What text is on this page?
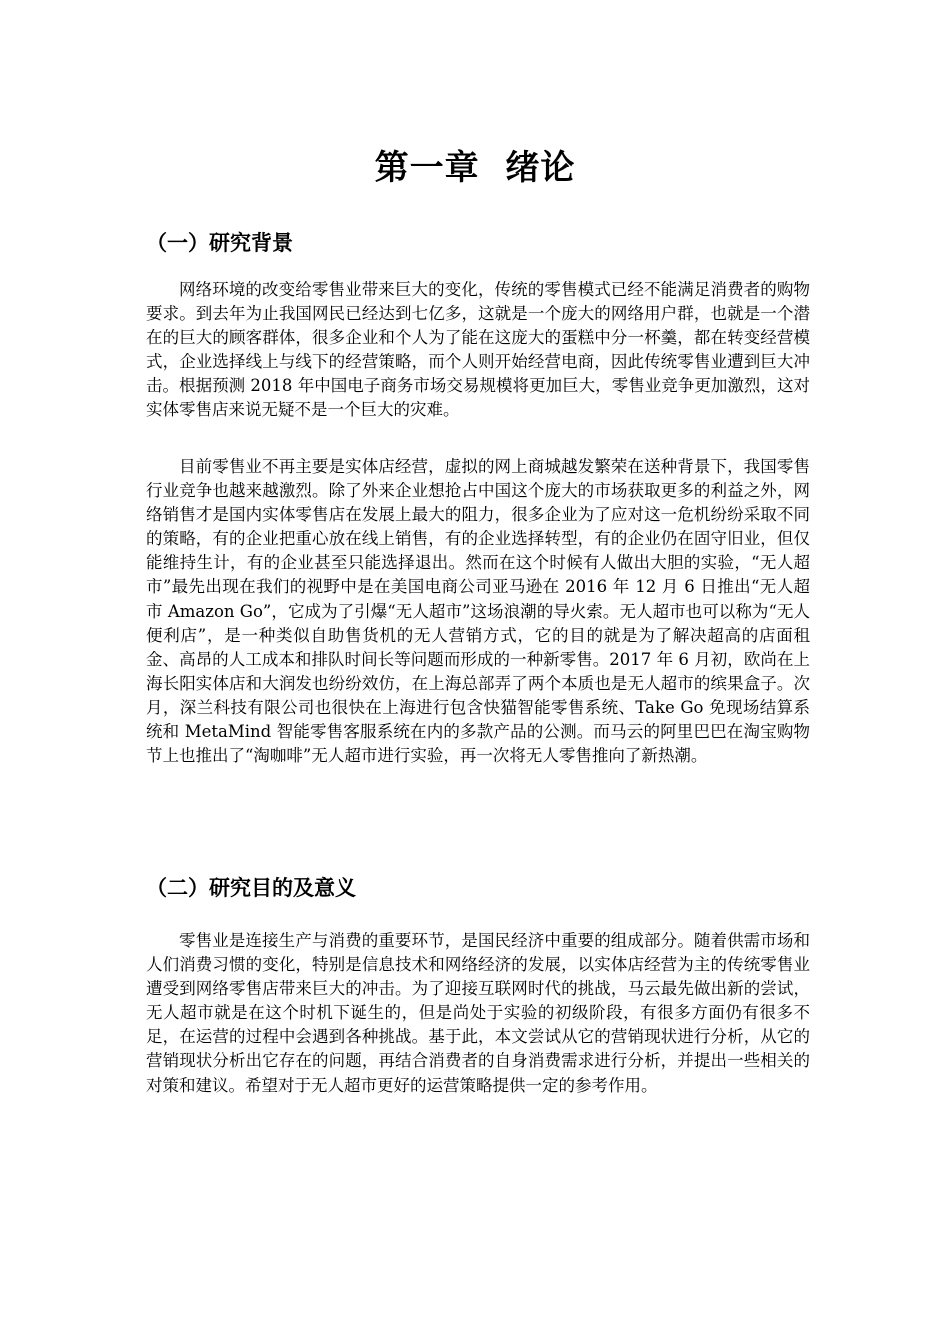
第一章  绪论
（一）研究背景

网络环境的改变给零售业带来巨大的变化，传统的零售模式已经不能满足消费者的购物要求。到去年为止我国网民已经达到七亿多，这就是一个庞大的网络用户群，也就是一个潜在的巨大的顾客群体，很多企业和个人为了能在这庞大的蛋糕中分一杯羹，都在转变经营模式，企业选择线上与线下的经营策略，而个人则开始经营电商，因此传统零售业遭到巨大冲击。根据预测 2018 年中国电子商务市场交易规模将更加巨大，零售业竞争更加激烈，这对实体零售店来说无疑不是一个巨大的灾难。

目前零售业不再主要是实体店经营，虚拟的网上商城越发繁荣在送种背景下，我国零售行业竞争也越来越激烈。除了外来企业想抢占中国这个庞大的市场获取更多的利益之外，网络销售才是国内实体零售店在发展上最大的阻力，很多企业为了应对这一危机纷纷采取不同的策略，有的企业把重心放在线上销售，有的企业选择转型，有的企业仍在固守旧业，但仅能维持生计，有的企业甚至只能选择退出。然而在这个时候有人做出大胆的实验，“无人超市”最先出现在我们的视野中是在美国电商公司亚马逊在 2016 年 12 月 6 日推出“无人超市 Amazon Go”，它成为了引爆“无人超市”这场浪潮的导火索。无人超市也可以称为“无人便利店”，是一种类似自助售货机的无人营销方式，它的目的就是为了解决超高的店面租金、高昂的人工成本和排队时间长等问题而形成的一种新零售。2017 年 6 月初，欧尚在上海长阳实体店和大润发也纷纷效仿，在上海总部弄了两个本质也是无人超市的缤果盒子。次月，深兰科技有限公司也很快在上海进行包含快猫智能零售系统、Take Go 免现场结算系统和 MetaMind 智能零售客服系统在内的多款产品的公测。而马云的阿里巴巴在淘宝购物节上也推出了“淘咖啡”无人超市进行实验，再一次将无人零售推向了新热潮。

（二）研究目的及意义

零售业是连接生产与消费的重要环节，是国民经济中重要的组成部分。随着供需市场和人们消费习惯的变化，特别是信息技术和网络经济的发展，以实体店经营为主的传统零售业遭受到网络零售店带来巨大的冲击。为了迎接互联网时代的挑战，马云最先做出新的尝试，无人超市就是在这个时机下诞生的，但是尚处于实验的初级阶段，有很多方面仍有很多不足，在运营的过程中会遇到各种挑战。基于此，本文尝试从它的营销现状进行分析，从它的营销现状分析出它存在的问题，再结合消费者的自身消费需求进行分析，并提出一些相关的对策和建议。希望对于无人超市更好的运营策略提供一定的参考作用。
